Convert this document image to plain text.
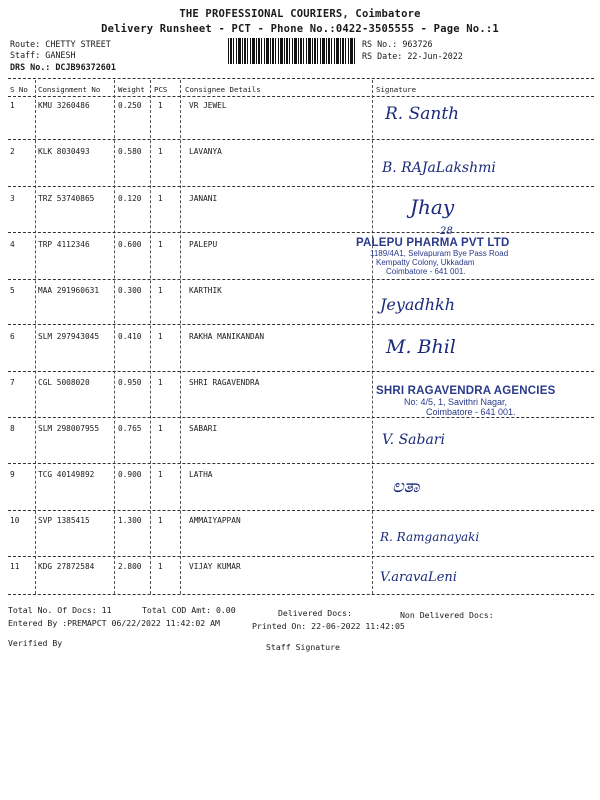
THE PROFESSIONAL COURIERS, Coimbatore
Delivery Runsheet - PCT - Phone No.:0422-3505555 - Page No.:1
Route: CHETTY STREET
Staff: GANESH
DRS No.: DCJB96372601
RS No.: 963726
RS Date: 22-Jun-2022
S No Consignment No Weight PCS Consignee Details	Signature
1	KMU 3260486	0.250 1	VR JEWEL	R. Santh
2	KLK 8030493	0.580 1	LAVANYA
B. RAJaLakshmi
3	TRZ 53740865	0.120 1	JANANI	Jhay
4	TRP 4112346	0.600 1	PALEPU
28
PALEPU PHARMA PVT LTD
1189/4A1, Selvapuram Bye Pass Road
Kempatty Colony, Ukkadam
Coimbatore - 641 001.
5	MAA 291960631 0.300 1	KARTHIK
Jeyadhkh
6	SLM 297943045 0.410 1	RAKHA MANIKANDAN	M. Bhil
7	CGL 5008020	0.950 1	SHRI RAGAVENDRA
SHRI RAGAVENDRA AGENCIES
No: 4/5, 1, Savithri Nagar,
Coimbatore - 641 001.
8	SLM 298007955 0.765 1	SABARI
V. Sabari
9	TCG 40149892	0.900 1	LATHA
ಲತಾ
10 SVP 1385415	1.300 1	AMMAIYAPPAN
R. Ramganayaki
11 KDG 27872584	2.800 1	VIJAY KUMAR
V.aravaLeni
Total No. Of Docs: 11	Total COD Amt: 0.00	Delivered Docs:	Non Delivered Docs:
Entered By :PREMAPCT 06/22/2022 11:42:02 AM	Printed On: 22-06-2022 11:42:05
Verified By	Staff Signature
